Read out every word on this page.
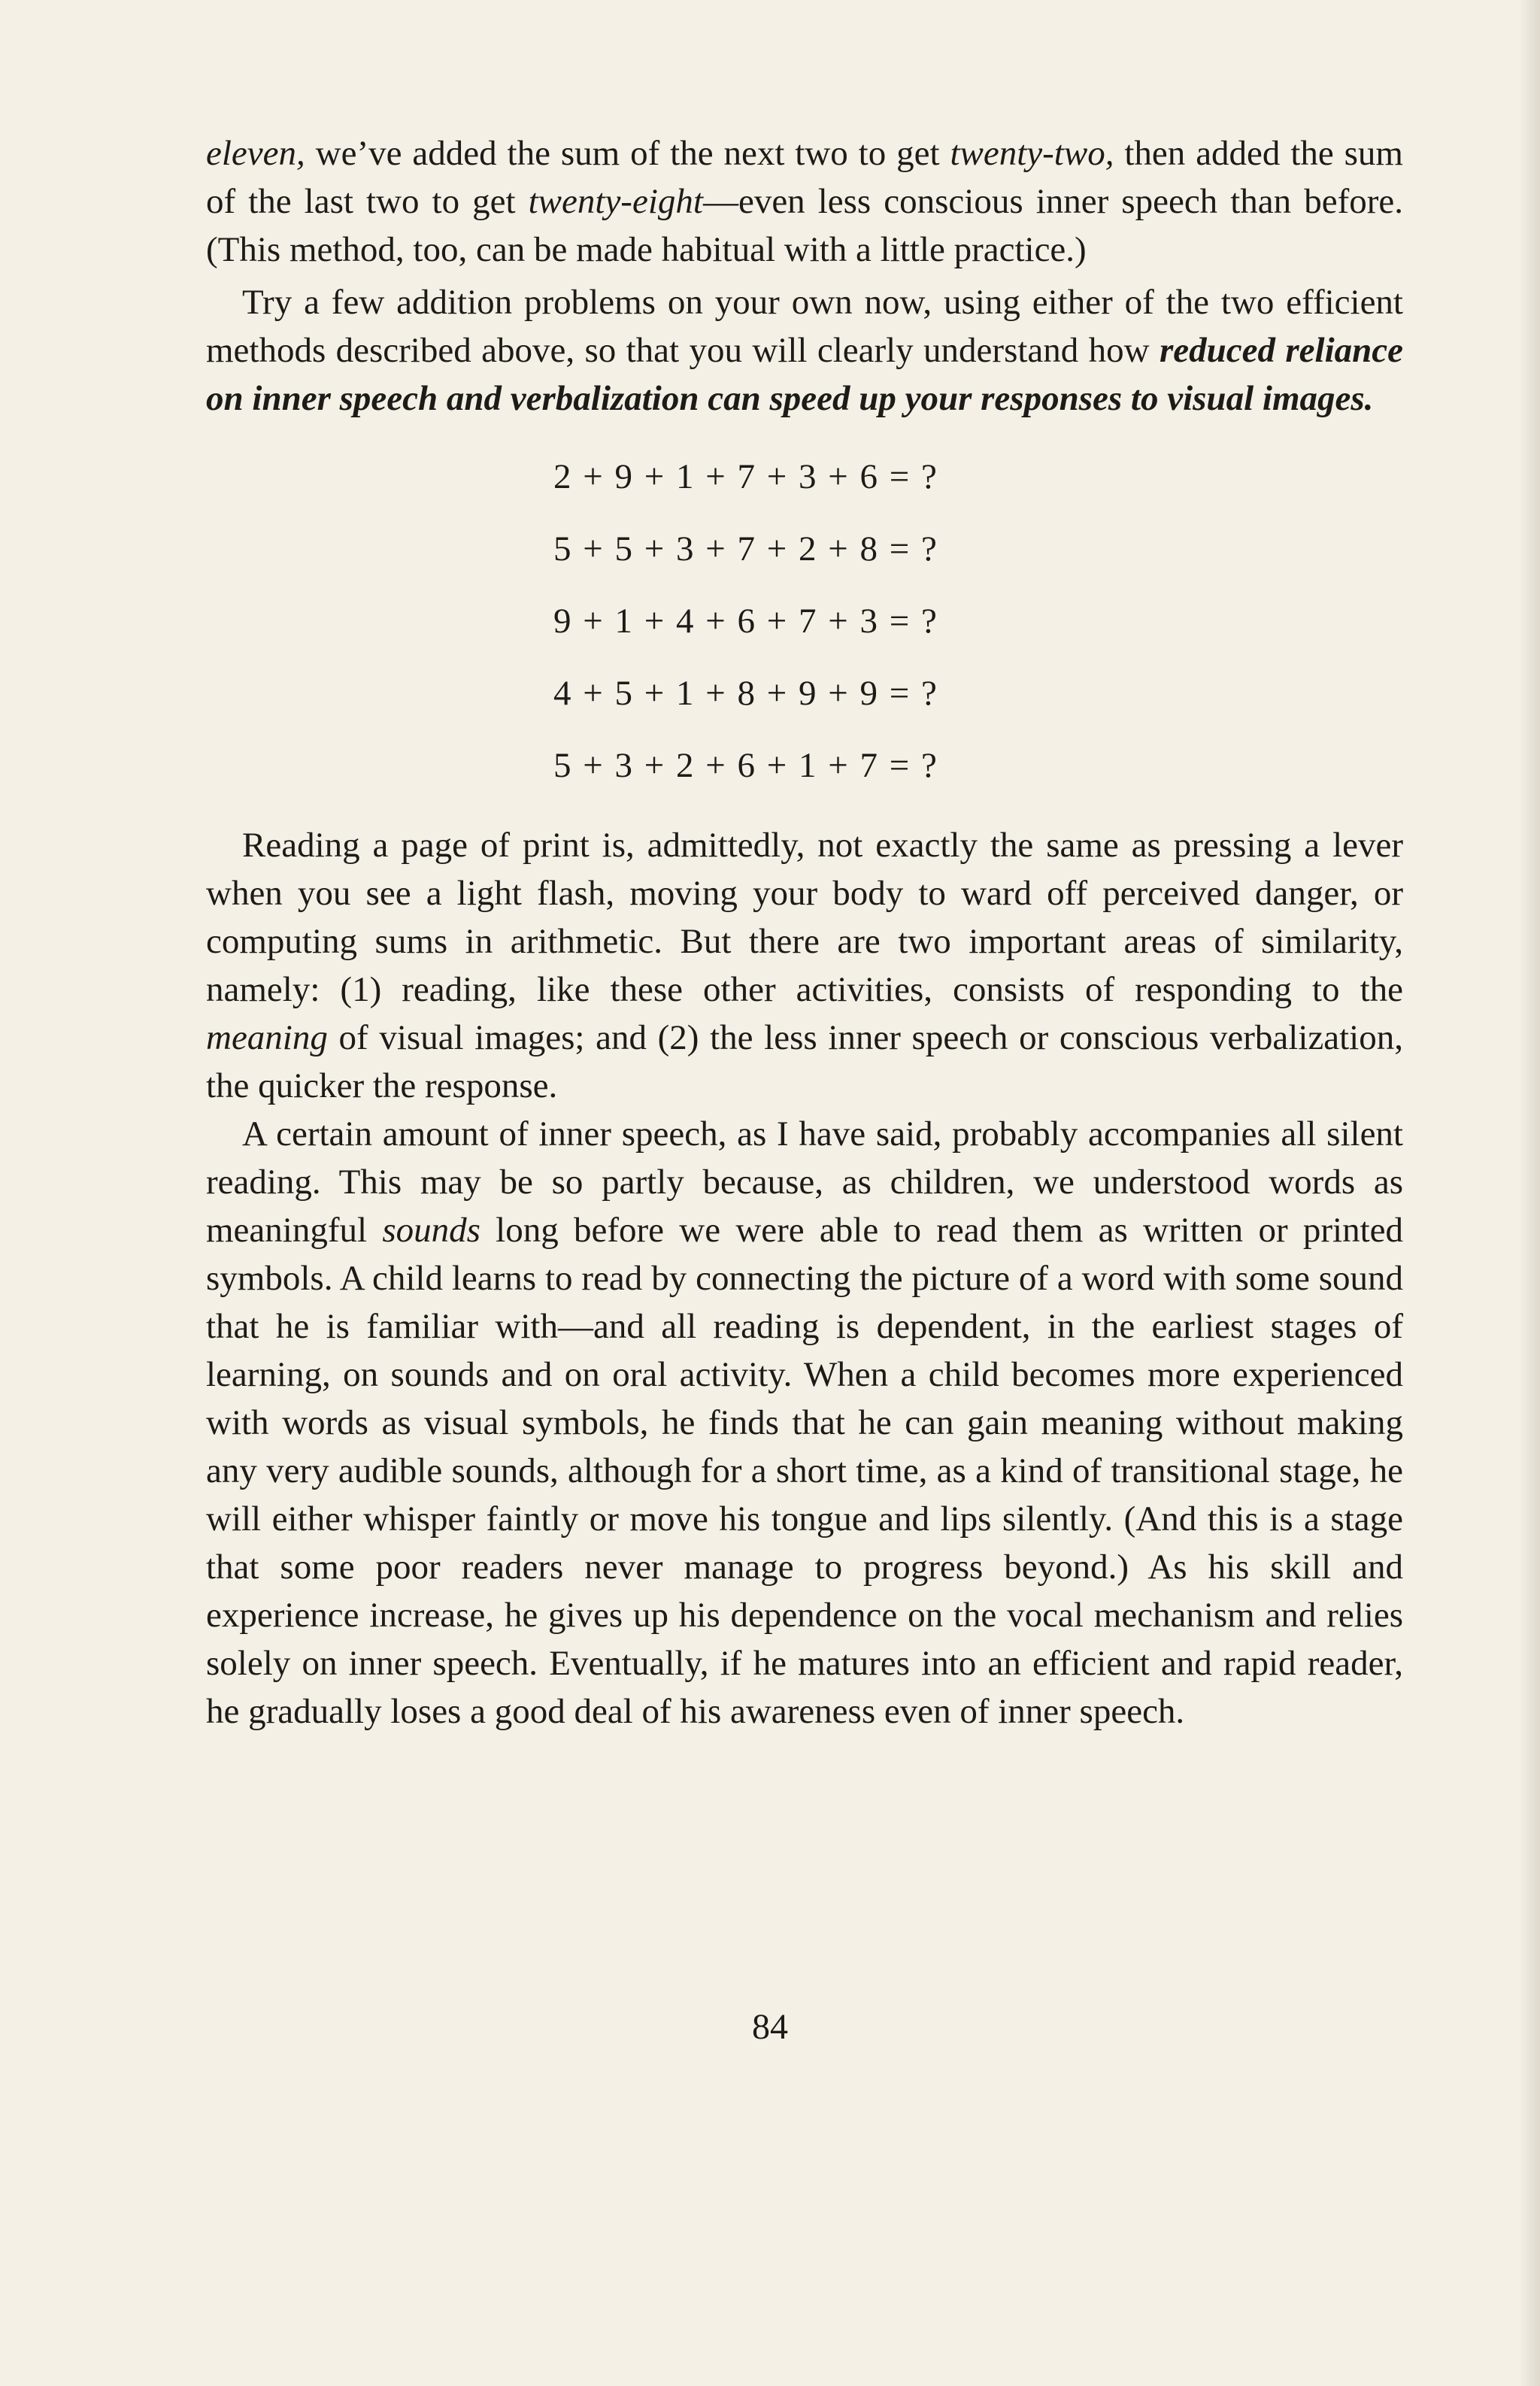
eleven, we’ve added the sum of the next two to get twenty-two, then added the sum of the last two to get twenty-eight—even less conscious inner speech than before. (This method, too, can be made habitual with a little practice.)

Try a few addition problems on your own now, using either of the two efficient methods described above, so that you will clearly understand how reduced reliance on inner speech and verbalization can speed up your responses to visual images.

2 + 9 + 1 + 7 + 3 + 6 = ?
5 + 5 + 3 + 7 + 2 + 8 = ?
9 + 1 + 4 + 6 + 7 + 3 = ?
4 + 5 + 1 + 8 + 9 + 9 = ?
5 + 3 + 2 + 6 + 1 + 7 = ?

Reading a page of print is, admittedly, not exactly the same as pressing a lever when you see a light flash, moving your body to ward off perceived danger, or computing sums in arithmetic. But there are two important areas of similarity, namely: (1) reading, like these other activities, consists of responding to the meaning of visual images; and (2) the less inner speech or conscious verbalization, the quicker the response.

A certain amount of inner speech, as I have said, probably accompanies all silent reading. This may be so partly because, as children, we understood words as meaningful sounds long before we were able to read them as written or printed symbols. A child learns to read by connecting the picture of a word with some sound that he is familiar with—and all reading is dependent, in the earliest stages of learning, on sounds and on oral activity. When a child becomes more experienced with words as visual symbols, he finds that he can gain meaning without making any very audible sounds, although for a short time, as a kind of transitional stage, he will either whisper faintly or move his tongue and lips silently. (And this is a stage that some poor readers never manage to progress beyond.) As his skill and experience increase, he gives up his dependence on the vocal mechanism and relies solely on inner speech. Eventually, if he matures into an efficient and rapid reader, he gradually loses a good deal of his awareness even of inner speech.

84
